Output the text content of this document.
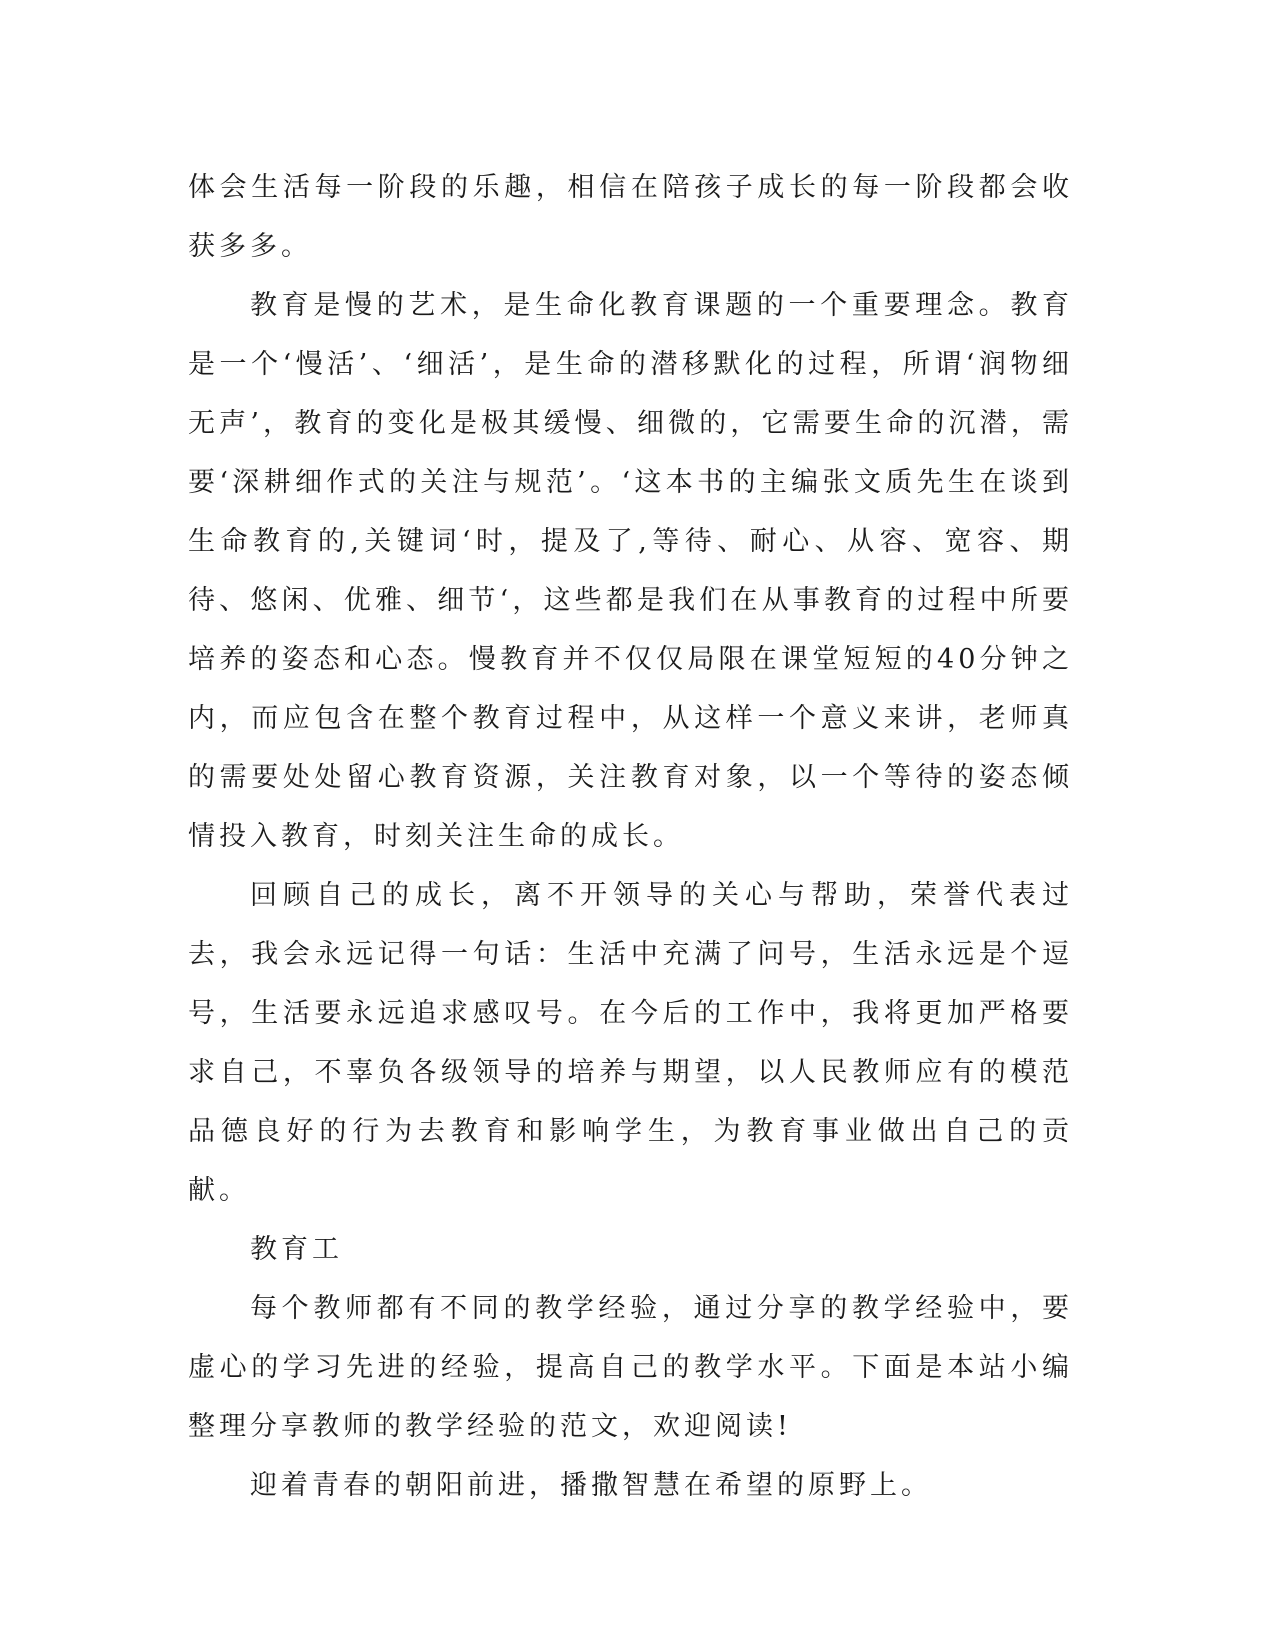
体会生活每一阶段的乐趣，相信在陪孩子成长的每一阶段都会收获多多。

教育是慢的艺术，是生命化教育课题的一个重要理念。教育是一个‘慢活’、‘细活’，是生命的潜移默化的过程，所谓‘润物细无声’，教育的变化是极其缓慢、细微的，它需要生命的沉潜，需要‘深耕细作式的关注与规范’。‘这本书的主编张文质先生在谈到生命教育的,关键词‘时，提及了,等待、耐心、从容、宽容、期待、悠闲、优雅、细节‘，这些都是我们在从事教育的过程中所要培养的姿态和心态。慢教育并不仅仅局限在课堂短短的40分钟之内，而应包含在整个教育过程中，从这样一个意义来讲，老师真的需要处处留心教育资源，关注教育对象，以一个等待的姿态倾情投入教育，时刻关注生命的成长。

回顾自己的成长，离不开领导的关心与帮助，荣誉代表过去，我会永远记得一句话：生活中充满了问号，生活永远是个逗号，生活要永远追求感叹号。在今后的工作中，我将更加严格要求自己，不辜负各级领导的培养与期望，以人民教师应有的模范品德良好的行为去教育和影响学生，为教育事业做出自己的贡献。

教育工

每个教师都有不同的教学经验，通过分享的教学经验中，要虚心的学习先进的经验，提高自己的教学水平。下面是本站小编整理分享教师的教学经验的范文，欢迎阅读!

迎着青春的朝阳前进，播撒智慧在希望的原野上。
